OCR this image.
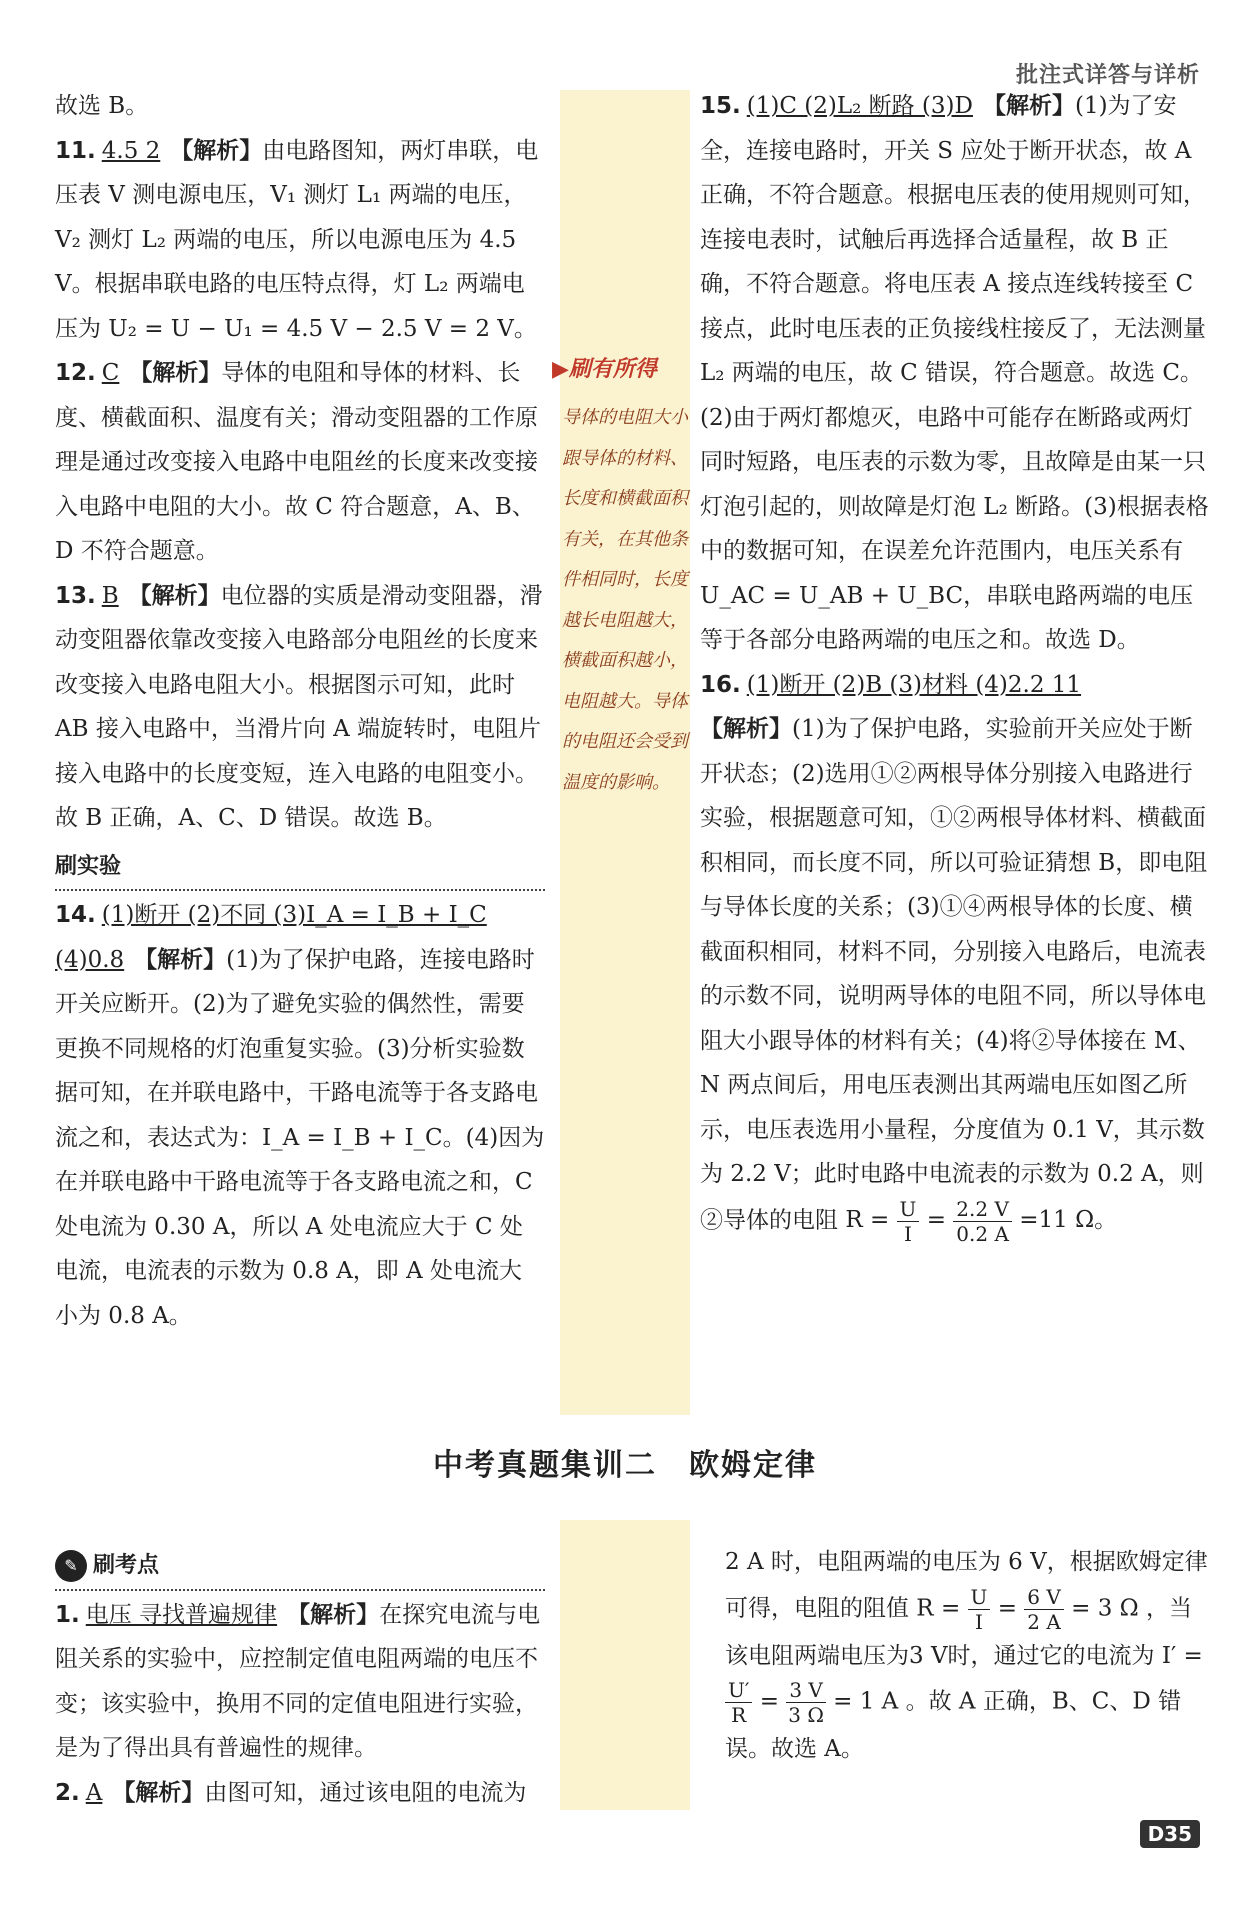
批注式详答与详析
▶刷有所得
导体的电阻大小跟导体的材料、长度和横截面积有关，在其他条件相同时，长度越长电阻越大，横截面积越小，电阻越大。导体的电阻还会受到温度的影响。

故选 B。

11. 4.5 2 【解析】由电路图知，两灯串联，电压表 V 测电源电压，V₁ 测灯 L₁ 两端的电压，V₂ 测灯 L₂ 两端的电压，所以电源电压为 4.5 V。根据串联电路的电压特点得，灯 L₂ 两端电压为 U₂ = U − U₁ = 4.5 V − 2.5 V = 2 V。

12. C 【解析】导体的电阻和导体的材料、长度、横截面积、温度有关；滑动变阻器的工作原理是通过改变接入电路中电阻丝的长度来改变接入电路中电阻的大小。故 C 符合题意，A、B、D 不符合题意。

13. B 【解析】电位器的实质是滑动变阻器，滑动变阻器依靠改变接入电路部分电阻丝的长度来改变接入电路电阻大小。根据图示可知，此时 AB 接入电路中，当滑片向 A 端旋转时，电阻片接入电路中的长度变短，连入电路的电阻变小。故 B 正确，A、C、D 错误。故选 B。

刷实验

14. (1)断开 (2)不同 (3)I_A = I_B + I_C
(4)0.8 【解析】(1)为了保护电路，连接电路时开关应断开。(2)为了避免实验的偶然性，需要更换不同规格的灯泡重复实验。(3)分析实验数据可知，在并联电路中，干路电流等于各支路电流之和，表达式为：I_A = I_B + I_C。(4)因为在并联电路中干路电流等于各支路电流之和，C 处电流为 0.30 A，所以 A 处电流应大于 C 处电流，电流表的示数为 0.8 A，即 A 处电流大小为 0.8 A。

15. (1)C (2)L₂ 断路 (3)D 【解析】(1)为了安全，连接电路时，开关 S 应处于断开状态，故 A 正确，不符合题意。根据电压表的使用规则可知，连接电表时，试触后再选择合适量程，故 B 正确，不符合题意。将电压表 A 接点连线转接至 C 接点，此时电压表的正负接线柱接反了，无法测量 L₂ 两端的电压，故 C 错误，符合题意。故选 C。(2)由于两灯都熄灭，电路中可能存在断路或两灯同时短路，电压表的示数为零，且故障是由某一只灯泡引起的，则故障是灯泡 L₂ 断路。(3)根据表格中的数据可知，在误差允许范围内，电压关系有 U_AC = U_AB + U_BC，串联电路两端的电压等于各部分电路两端的电压之和。故选 D。

16. (1)断开 (2)B (3)材料 (4)2.2 11
【解析】(1)为了保护电路，实验前开关应处于断开状态；(2)选用①②两根导体分别接入电路进行实验，根据题意可知，①②两根导体材料、横截面积相同，而长度不同，所以可验证猜想 B，即电阻与导体长度的关系；(3)①④两根导体的长度、横截面积相同，材料不同，分别接入电路后，电流表的示数不同，说明两导体的电阻不同，所以导体电阻大小跟导体的材料有关；(4)将②导体接在 M、N 两点间后，用电压表测出其两端电压如图乙所示，电压表选用小量程，分度值为 0.1 V，其示数为 2.2 V；此时电路中电流表的示数为 0.2 A，则②导体的电阻 $R = \frac{U}{I} = \frac{2.2 V}{0.2 A} =11$ Ω。

中考真题集训二　欧姆定律
✎ 刷考点

1. 电压 寻找普遍规律 【解析】在探究电流与电阻关系的实验中，应控制定值电阻两端的电压不变；该实验中，换用不同的定值电阻进行实验，是为了得出具有普遍性的规律。

2. A 【解析】由图可知，通过该电阻的电流为

2 A 时，电阻两端的电压为 6 V，根据欧姆定律可得，电阻的阻值 $R = \frac{U}{I} = \frac{6 V}{2 A} = 3$ Ω ，当该电阻两端电压为3 V时，通过它的电流为 I′ =
$\frac{U'}{R} = \frac{3 V}{3 \Omega} = 1$ A 。故 A 正确，B、C、D 错误。故选 A。

D35
